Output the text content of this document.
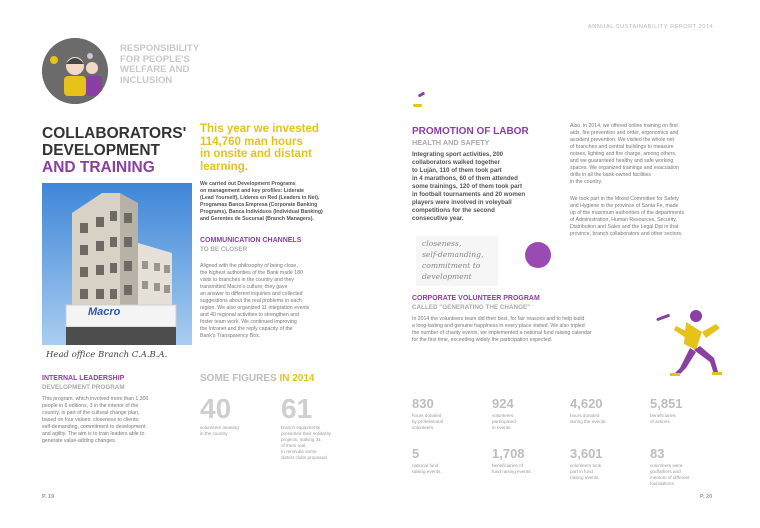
ANNUAL SUSTAINABILITY REPORT 2014
RESPONSIBILITY
FOR PEOPLE'S
WELFARE AND
INCLUSION
COLLABORATORS'
DEVELOPMENT
AND TRAINING
This year we invested
114,760 man hours
in onsite and distant
learning.
We carried out Development Programs
on management and key profiles: Liderate
(Lead Yourself), Líderes en Red (Leaders in Net),
Programas Banca Empresa (Corporate Banking
Programs), Banca Individuos (Individual Banking)
and Gerentes de Sucursal (Branch Managers).
COMMUNICATION CHANNELS
TO BE CLOSER
Aligned with the philosophy of being close,
the highest authorities of the Bank made 180
visits to branches in the country and they
transmitted Macro's culture; they gave
an answer to different inquiries and collected
suggestions about the real problems in each
region. We also organized 11 integration events
and 40 regional activities to strengthen and
foster team work. We continued improving
the Intranet and the reply capacity of the
Bank's Transparency Box.
Macro
Head office Branch C.A.B.A.
INTERNAL LEADERSHIP
DEVELOPMENT PROGRAM
This program, which involved more than 1,300
people in 6 editions, 3 in the interior of the
country, is part of the cultural change plan,
based on four values: closeness to clients;
self-demanding, commitment to development
and agility. The aim is to train leaders able to
generate value-adding changes.
SOME FIGURES IN 2014
40
volunteers meeting
in the country.
61
branch equipments
presented their solidarity
projects, making 31
of them real,
to renovate some
district clubs proposed.
P. 19
PROMOTION OF LABOR
HEALTH AND SAFETY
Integrating sport activities, 200
collaborators walked together
to Luján, 110 of them took part
in 4 marathons, 60 of them attended
some trainings, 120 of them took part
in football tournaments and 20 women
players were involved in voleyball
competitions for the second
consecutive year.
Also, in 2014, we offered online training on first
aids, fire prevention and order, ergonomics and
accident prevention. We visited the whole net
of branches and central buildings to measure
noises, lighting and fire charge, among others,
and we guaranteed healthy and safe working
spaces. We organized trainings and evacuation
drills in all the bank-owned facilities
in the country.
We took part in the Mixed Committee for Safety
and Hygiene in the province of Santa Fe, made
up of the maximum authorities of the departments
of Administration, Human Resources, Security,
Distribution and Sales and the Legal Dpt in that
province, branch collaborators and other sectors.
closeness,
self-demanding,
commitment to
development
CORPORATE VOLUNTEER PROGRAM
CALLED "GENERATING THE CHANGE"
In 2014 the volunteers team did their best, for fair reasons and to help build
a long-lasting and genuine happiness in every place visited. We also tripled
the number of charity events, we implemented a national fund raising calendar
for the first time, exceeding widely the participation expected.
830
hours donated
by professional
volunteers.
924
volunteers
participated
in events.
4,620
hours donated
during the events.
5,851
beneficiaries
of actions.
5
national fund
raising events.
1,708
beneficiaries of
fund raising events.
3,601
volunteers took
part in fund
raising events.
83
volunteers were
godfathers and
mentors of different
foundations.
P. 20
